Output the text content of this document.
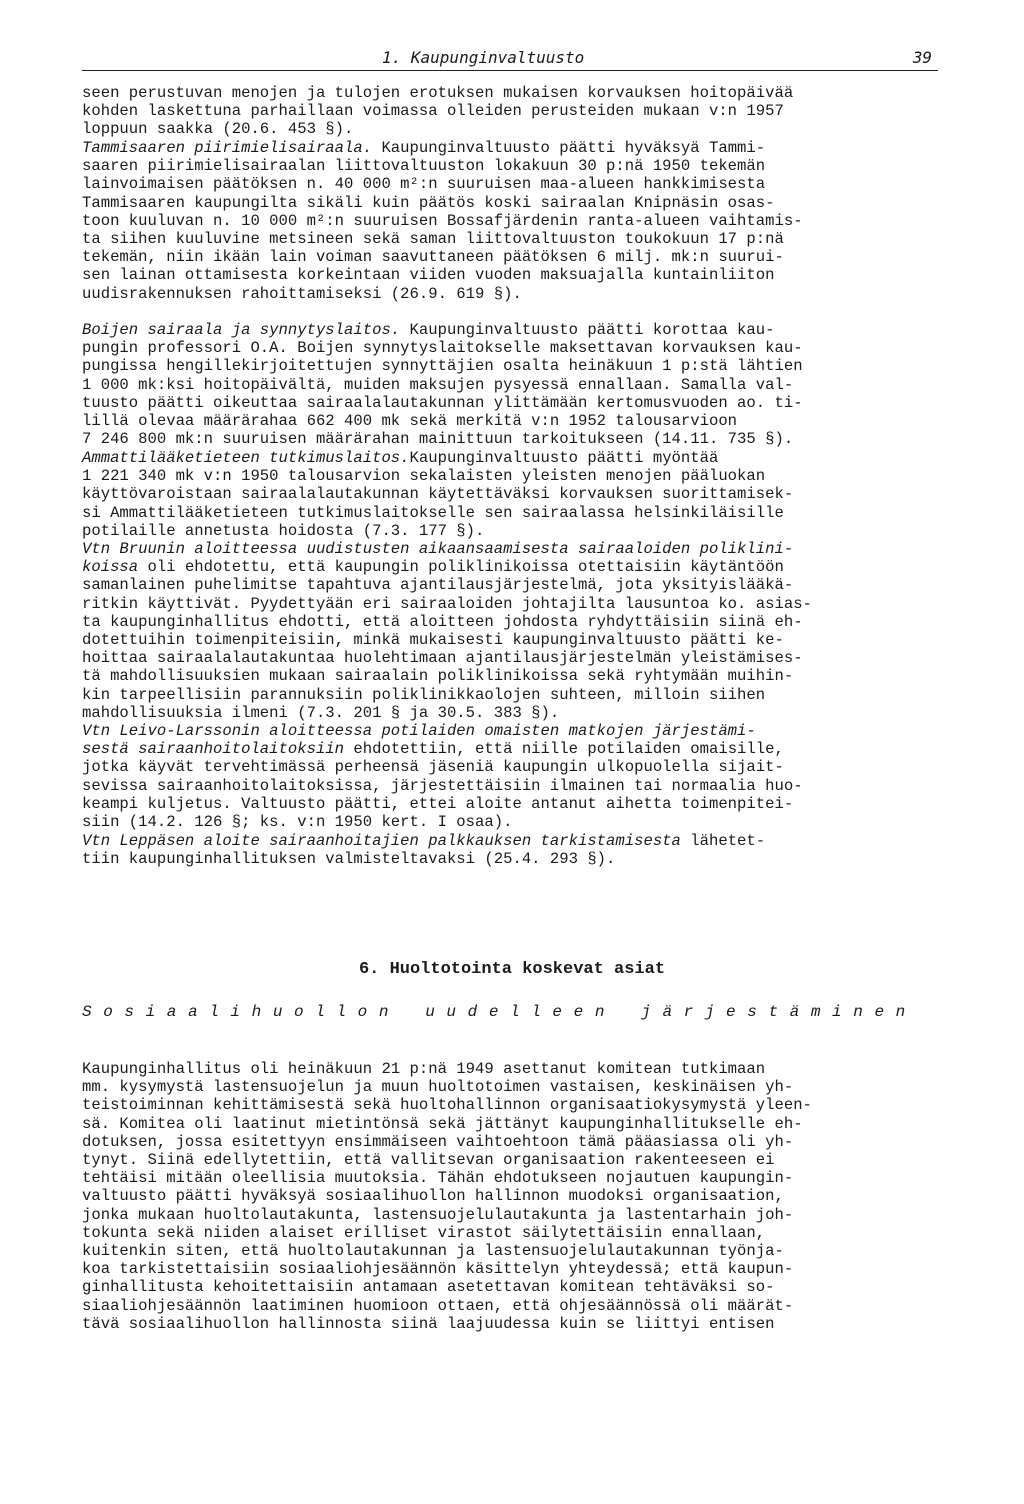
1. Kaupunginvaltuusto	39
seen perustuvan menojen ja tulojen erotuksen mukaisen korvauksen hoitopäivää
kohden laskettuna parhaillaan voimassa olleiden perusteiden mukaan v:n 1957
loppuun saakka (20.6. 453 §).
Tammisaaren piirimielisairaala. Kaupunginvaltuusto päätti hyväksyä Tammi-
saaren piirimielisairaalan liittovaltuuston lokakuun 30 p:nä 1950 tekemän
lainvoimaisen päätöksen n. 40 000 m²:n suuruisen maa-alueen hankkimisesta
Tammisaaren kaupungilta sikäli kuin päätös koski sairaalan Knipnäsin osas-
toon kuuluvan n. 10 000 m²:n suuruisen Bossafjärdenin ranta-alueen vaihtamis-
ta siihen kuuluvine metsineen sekä saman liittovaltuuston toukokuun 17 p:nä
tekemän, niin ikään lain voiman saavuttaneen päätöksen 6 milj. mk:n suurui-
sen lainan ottamisesta korkeintaan viiden vuoden maksuajalla kuntainliiton
uudisrakennuksen rahoittamiseksi (26.9. 619 §).
Boijen sairaala ja synnytyslaitos. Kaupunginvaltuusto päätti korottaa kau-
pungin professori O.A. Boijen synnytyslaitokselle maksettavan korvauksen kau-
pungissa hengillekirjoitettujen synnyttäjien osalta heinäkuun 1 p:stä lähtien
1 000 mk:ksi hoitopäivältä, muiden maksujen pysyessä ennallaan. Samalla val-
tuusto päätti oikeuttaa sairaalalautakunnan ylittämään kertomusvuoden ao. ti-
lillä olevaa määrärahaa 662 400 mk sekä merkitä v:n 1952 talousarvioon
7 246 800 mk:n suuruisen määrärahan mainittuun tarkoitukseen (14.11. 735 §).
Ammattilääketieteen tutkimuslaitos.Kaupunginvaltuusto päätti myöntää
1 221 340 mk v:n 1950 talousarvion sekalaisten yleisten menojen pääluokan
käyttövaroistaan sairaalalautakunnan käytettäväksi korvauksen suorittamisek-
si Ammattilääketieteen tutkimuslaitokselle sen sairaalassa helsinkiläisille
potilaille annetusta hoidosta (7.3. 177 §).
Vtn Bruunin aloitteessa uudistusten aikaansaamisesta sairaaloiden poliklini-
koissa oli ehdotettu, että kaupungin poliklinikoissa otettaisiin käytäntöön
samanlainen puhelimitse tapahtuva ajantilausjärjestelmä, jota yksityislääkä-
ritkin käyttivät. Pyydettyään eri sairaaloiden johtajilta lausuntoa ko. asias-
ta kaupunginhallitus ehdotti, että aloitteen johdosta ryhdyttäisiin siinä eh-
dotettuihin toimenpiteisiin, minkä mukaisesti kaupunginvaltuusto päätti ke-
hoittaa sairaalalautakuntaa huolehtimaan ajantilausjärjestelmän yleistämises-
tä mahdollisuuksien mukaan sairaalain poliklinikoissa sekä ryhtymään muihin-
kin tarpeellisiin parannuksiin poliklinikkaolojen suhteen, milloin siihen
mahdollisuuksia ilmeni (7.3. 201 § ja 30.5. 383 §).
Vtn Leivo-Larssonin aloitteessa potilaiden omaisten matkojen järjestämi-
sestä sairaanhoitolaitoksiin ehdotettiin, että niille potilaiden omaisille,
jotka käyvät tervehtimässä perheensä jäseniä kaupungin ulkopuolella sijait-
sevissa sairaanhoitolaitoksissa, järjestettäisiin ilmainen tai normaalia huo-
keampi kuljetus. Valtuusto päätti, ettei aloite antanut aihetta toimenpitei-
siin (14.2. 126 §; ks. v:n 1950 kert. I osaa).
Vtn Leppäsen aloite sairaanhoitajien palkkauksen tarkistamisesta lähetet-
tiin kaupunginhallituksen valmisteltavaksi (25.4. 293 §).
6. Huoltotointa koskevat asiat
Sosiaalihuollon uudelleen järjestäminen
Kaupunginhallitus oli heinäkuun 21 p:nä 1949 asettanut komitean tutkimaan
mm. kysymystä lastensuojelun ja muun huoltotoimen vastaisen, keskinäisen yh-
teistoiminnan kehittämisestä sekä huoltohallinnon organisaatiokysymystä yleen-
sä. Komitea oli laatinut mietintönsä sekä jättänyt kaupunginhallitukselle eh-
dotuksen, jossa esitettyyn ensimmäiseen vaihtoehtoon tämä pääasiassa oli yh-
tynyt. Siinä edellytettiin, että vallitsevan organisaation rakenteeseen ei
tehtäisi mitään oleellisia muutoksia. Tähän ehdotukseen nojautuen kaupungin-
valtuusto päätti hyväksyä sosiaalihuollon hallinnon muodoksi organisaation,
jonka mukaan huoltolautakunta, lastensuojelulautakunta ja lastentarhain joh-
tokunta sekä niiden alaiset erilliset virastot säilytettäisiin ennallaan,
kuitenkin siten, että huoltolautakunnan ja lastensuojelulautakunnan työnja-
koa tarkistettaisiin sosiaaliohjesäännön käsittelyn yhteydessä; että kaupun-
ginhallitusta kehoitettaisiin antamaan asetettavan komitean tehtäväksi so-
siaaliohjesäännön laatiminen huomioon ottaen, että ohjesäännössä oli määrät-
tävä sosiaalihuollon hallinnosta siinä laajuudessa kuin se liittyi entisen
